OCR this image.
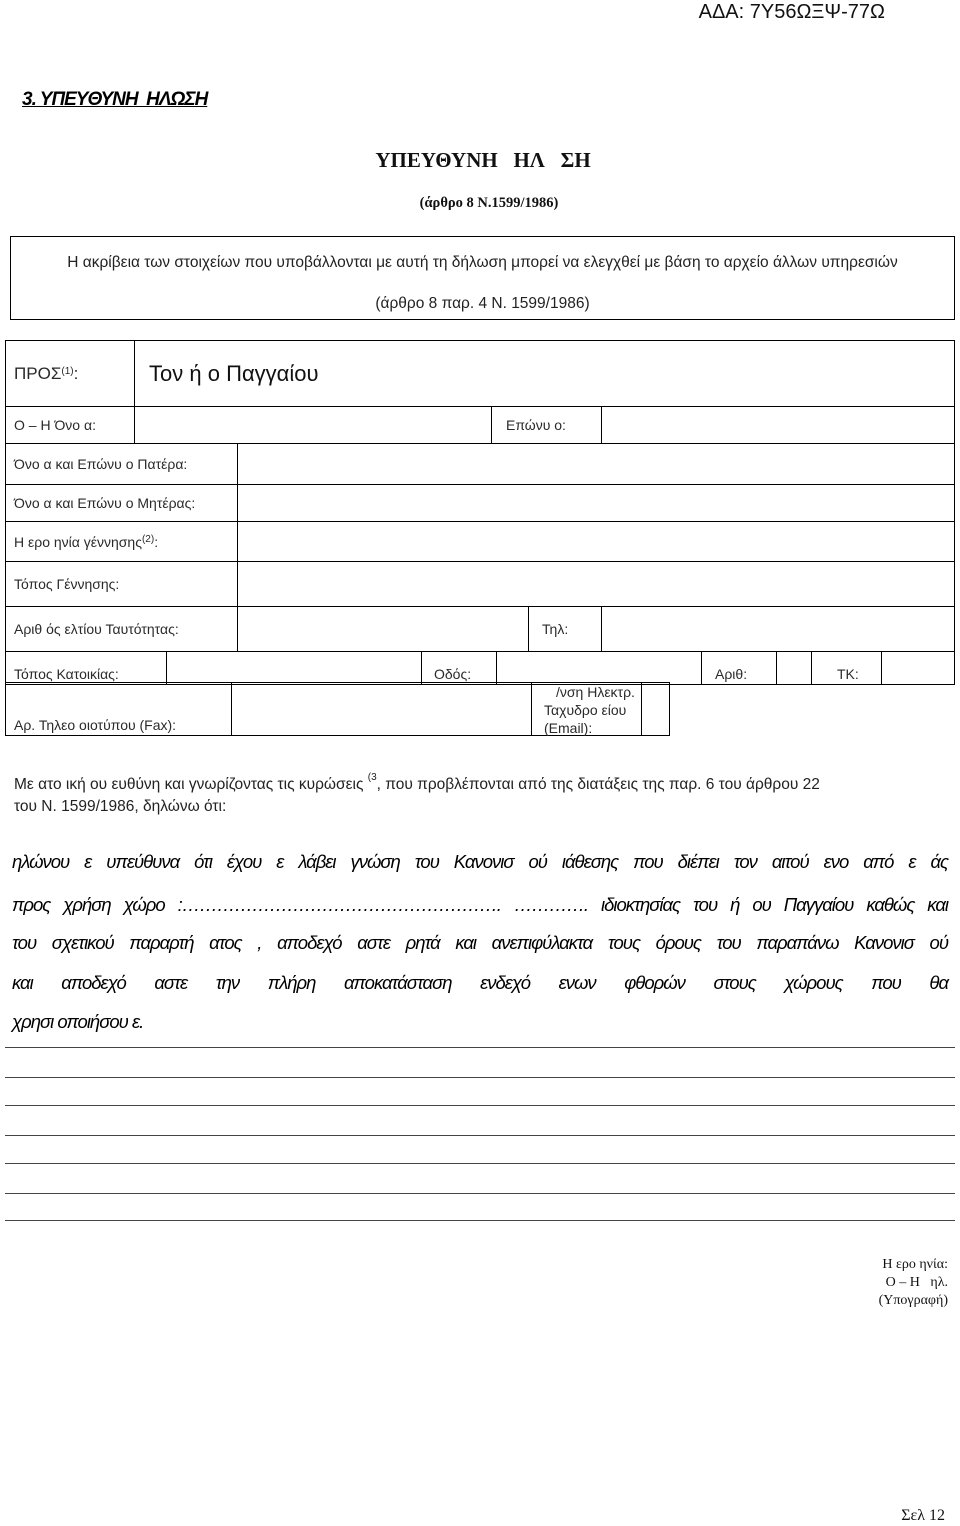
ΑΔΑ: 7Υ56ΩΞΨ-77Ω
3. ΥΠΕΥΘΥΝΗ  ΗΛΩΣΗ
ΥΠΕΥΘΥΝΗ   ΗΛ   ΣΗ
(άρθρο 8 Ν.1599/1986)
Η ακρίβεια των στοιχείων που υποβάλλονται με αυτή τη δήλωση μπορεί να ελεγχθεί με βάση το αρχείο άλλων υπηρεσιών
(άρθρο 8 παρ. 4 Ν. 1599/1986)
ΠΡΟΣ$^{(1)}$ :	Τον ή ο Παγγαίου
Ο – Η Όνο α:	Επώνυ ο:
Όνο α και Επώνυ ο Πατέρα:
Όνο α και Επώνυ ο Μητέρας:
Η ερο ηνία γέννησης$^{(2)}$ :
Τόπος Γέννησης:
Αριθ ός ελτίου Ταυτότητας:	Τηλ:
Τόπος Κατοικίας:	Οδός:	Αριθ:	ΤΚ:
Αρ. Τηλεο οιοτύπου (Fax):
/νση Ηλεκτρ.
Ταχυδρο είου
(Email):
Με ατο ική ου ευθύνη και γνωρίζοντας τις κυρώσεις $^{(3}$, που προβλέπονται από της διατάξεις της παρ. 6 του άρθρου 22
του Ν. 1599/1986, δηλώνω ότι:
ηλώνου ε υπεύθυνα ότι έχου ε λάβει γνώση του Κανονισ ού ιάθεσης που διέπει τον αιτού ενο από ε άς
προς χρήση χώρο :………………………………………………. …………. ιδιοκτησίας του ή ου Παγγαίου καθώς και
του σχετικού παραρτή ατος , αποδεχό αστε ρητά και ανεπιφύλακτα τους όρους του παραπάνω Κανονισ ού
και αποδεχό αστε την πλήρη αποκατάσταση ενδεχό ενων φθορών στους χώρους που θα
χρησι οποιήσου ε.
Η ερο ηνία:
Ο – Η   ηλ.
(Υπογραφή)
Σελ 12
